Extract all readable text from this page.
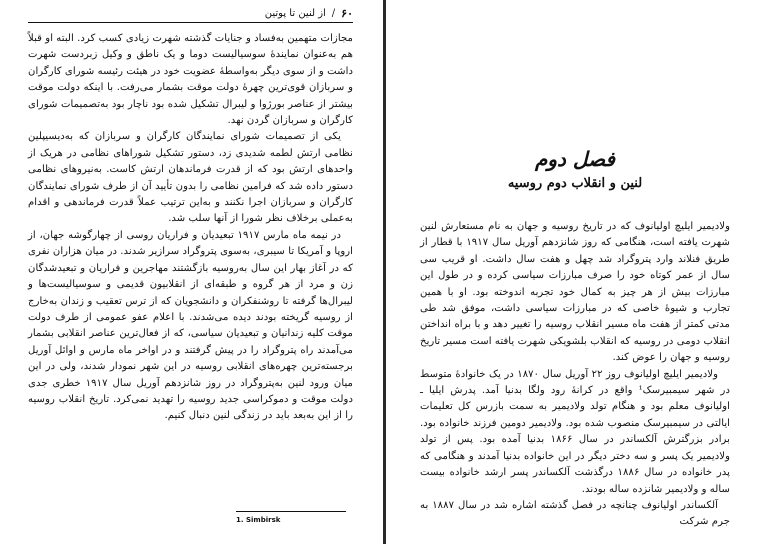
۶۰
/
از لنین تا پوتین

مجازات متهمین به‌فساد و جنایات گذشته شهرت زیادی کسب کرد. البته او قبلاً هم به‌عنوان نمایندهٔ سوسیالیست دوما و یک ناطق و وکیل زبردست شهرت داشت و از سوی دیگر به‌واسطهٔ عضویت خود در هیئت رئیسه شورای کارگران و سربازان قوی‌ترین چهرهٔ دولت موقت بشمار می‌رفت. با اینکه دولت موقت بیشتر از عناصر بورژوا و لیبرال تشکیل شده بود ناچار بود به‌تصمیمات شورای کارگران و سربازان گردن نهد.

یکی از تصمیمات شورای نمایندگان کارگران و سربازان که به‌دیسیپلین نظامی ارتش لطمه شدیدی زد، دستور تشکیل شوراهای نظامی در هریک از واحدهای ارتش بود که از قدرت فرماندهان ارتش کاست. به‌نیروهای نظامی دستور داده شد که فرامین نظامی را بدون تأیید آن از طرف شورای نمایندگان کارگران و سربازان اجرا نکنند و به‌این ترتیب عملاً قدرت فرماندهی و اقدام به‌عملی برخلاف نظر شورا از آنها سلب شد.

در نیمه ماه مارس ۱۹۱۷ تبعیدیان و فراریان روسی از چهارگوشه جهان، از اروپا و آمریکا تا سیبری، به‌سوی پتروگراد سرازیر شدند. در میان هزاران نفری که در آغاز بهار این سال به‌روسیه بازگشتند مهاجرین و فراریان و تبعیدشدگان زن و مرد از هر گروه و طبقه‌ای از انقلابیون قدیمی و سوسیالیست‌ها و لیبرال‌ها گرفته تا روشنفکران و دانشجویان که از ترس تعقیب و زندان به‌خارج از روسیه گریخته بودند دیده می‌شدند. با اعلام عفو عمومی از طرف دولت موقت کلیه زندانیان و تبعیدیان سیاسی، که از فعال‌ترین عناصر انقلابی بشمار می‌آمدند راه پتروگراد را در پیش گرفتند و در اواخر ماه مارس و اوائل آوریل برجسته‌ترین چهره‌های انقلابی روسیه در این شهر نمودار شدند، ولی در این میان ورود لنین به‌پتروگراد در روز شانزدهم آوریل سال ۱۹۱۷ خطری جدی دولت موقت و دموکراسی جدید روسیه را تهدید نمی‌کرد. تاریخ انقلاب روسیه را از این به‌بعد باید در زندگی لنین دنبال کنیم.

فصل دوم
لنین و انقلاب دوم روسیه

ولادیمیر ایلیچ اولیانوف که در تاریخ روسیه و جهان به نام مستعارش لنین شهرت یافته است، هنگامی که روز شانزدهم آوریل سال ۱۹۱۷ با قطار از طریق فنلاند وارد پتروگراد شد چهل و هفت سال داشت. او قریب سی سال از عمر کوتاه خود را صرف مبارزات سیاسی کرده و در طول این مبارزات بیش از هر چیز به کمال خود تجربه اندوخته بود. او با همین تجارب و شیوهٔ خاصی که در مبارزات سیاسی داشت، موفق شد طی مدتی کمتر از هفت ماه مسیر انقلاب روسیه را تغییر دهد و با براه انداختن انقلاب دومی در روسیه که انقلاب بلشویکی شهرت یافته است مسیر تاریخ روسیه و جهان را عوض کند.

ولادیمیر ایلیچ اولیانوف روز ۲۲ آوریل سال ۱۸۷۰ در یک خانوادهٔ متوسط در شهر سیمبیرسک¹ واقع در کرانهٔ رود ولگا بدنیا آمد. پدرش ایلیا ـ اولیانوف معلم بود و هنگام تولد ولادیمیر به سمت بازرس کل تعلیمات ایالتی در سیمبیرسک منصوب شده بود. ولادیمیر دومین فرزند خانواده بود. برادر بزرگترش آلکساندر در سال ۱۸۶۶ بدنیا آمده بود. پس از تولد ولادیمیر یک پسر و سه دختر دیگر در این خانواده بدنیا آمدند و هنگامی که پدر خانواده در سال ۱۸۸۶ درگذشت آلکساندر پسر ارشد خانواده بیست ساله و ولادیمیر شانزده ساله بودند.

آلکساندر اولیانوف چنانچه در فصل گذشته اشاره شد در سال ۱۸۸۷ به جرم شرکت

1. Simbirsk
